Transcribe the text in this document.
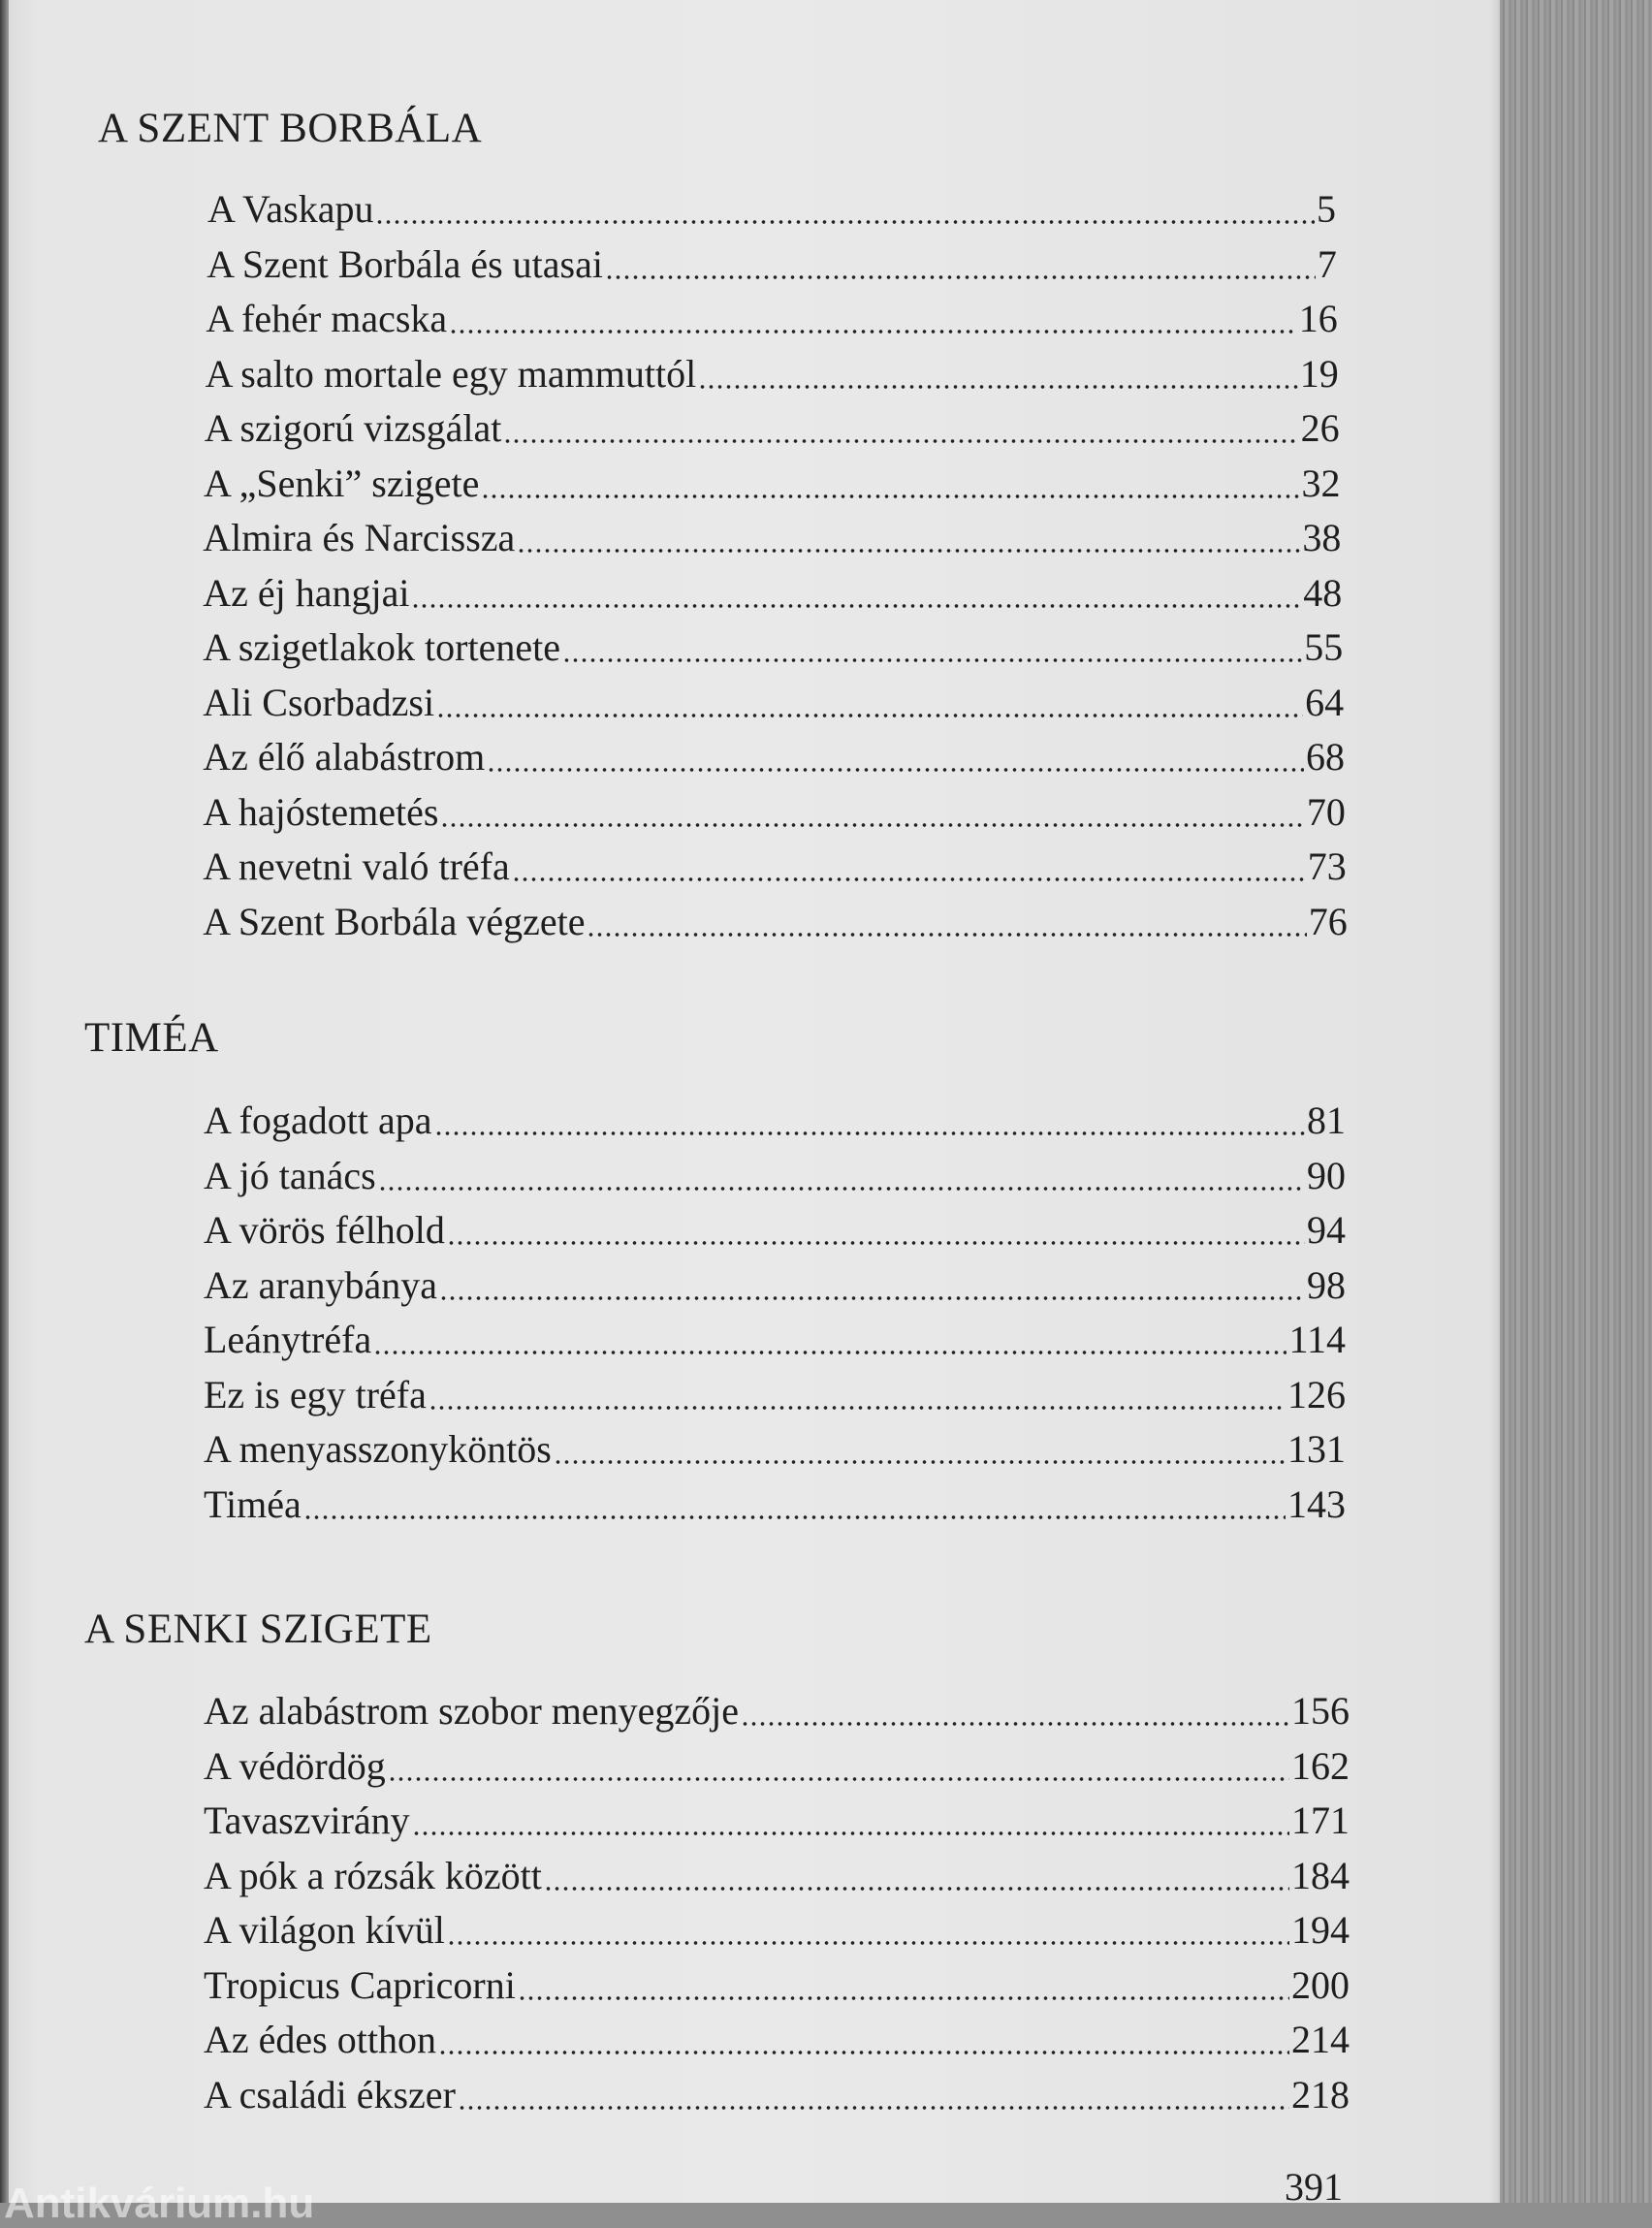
A SZENT BORBÁLA
A Vaskapu	5
A Szent Borbála és utasai	7
A fehér macska	16
A salto mortale egy mammuttól	19
A szigorú vizsgálat	26
A „Senki” szigete	32
Almira és Narcissza	38
Az éj hangjai	48
A szigetlakok tortenete	55
Ali Csorbadzsi	64
Az élő alabástrom	68
A hajóstemetés	70
A nevetni való tréfa	73
A Szent Borbála végzete	76
TIMÉA
A fogadott apa	81
A jó tanács	90
A vörös félhold	94
Az aranybánya	98
Leánytréfa	114
Ez is egy tréfa	126
A menyasszonyköntös	131
Timéa	143
A SENKI SZIGETE
Az alabástrom szobor menyegzője	156
A védördög	162
Tavaszvirány	171
A pók a rózsák között	184
A világon kívül	194
Tropicus Capricorni	200
Az édes otthon	214
A családi ékszer	218
391
Antikvárium.hu
